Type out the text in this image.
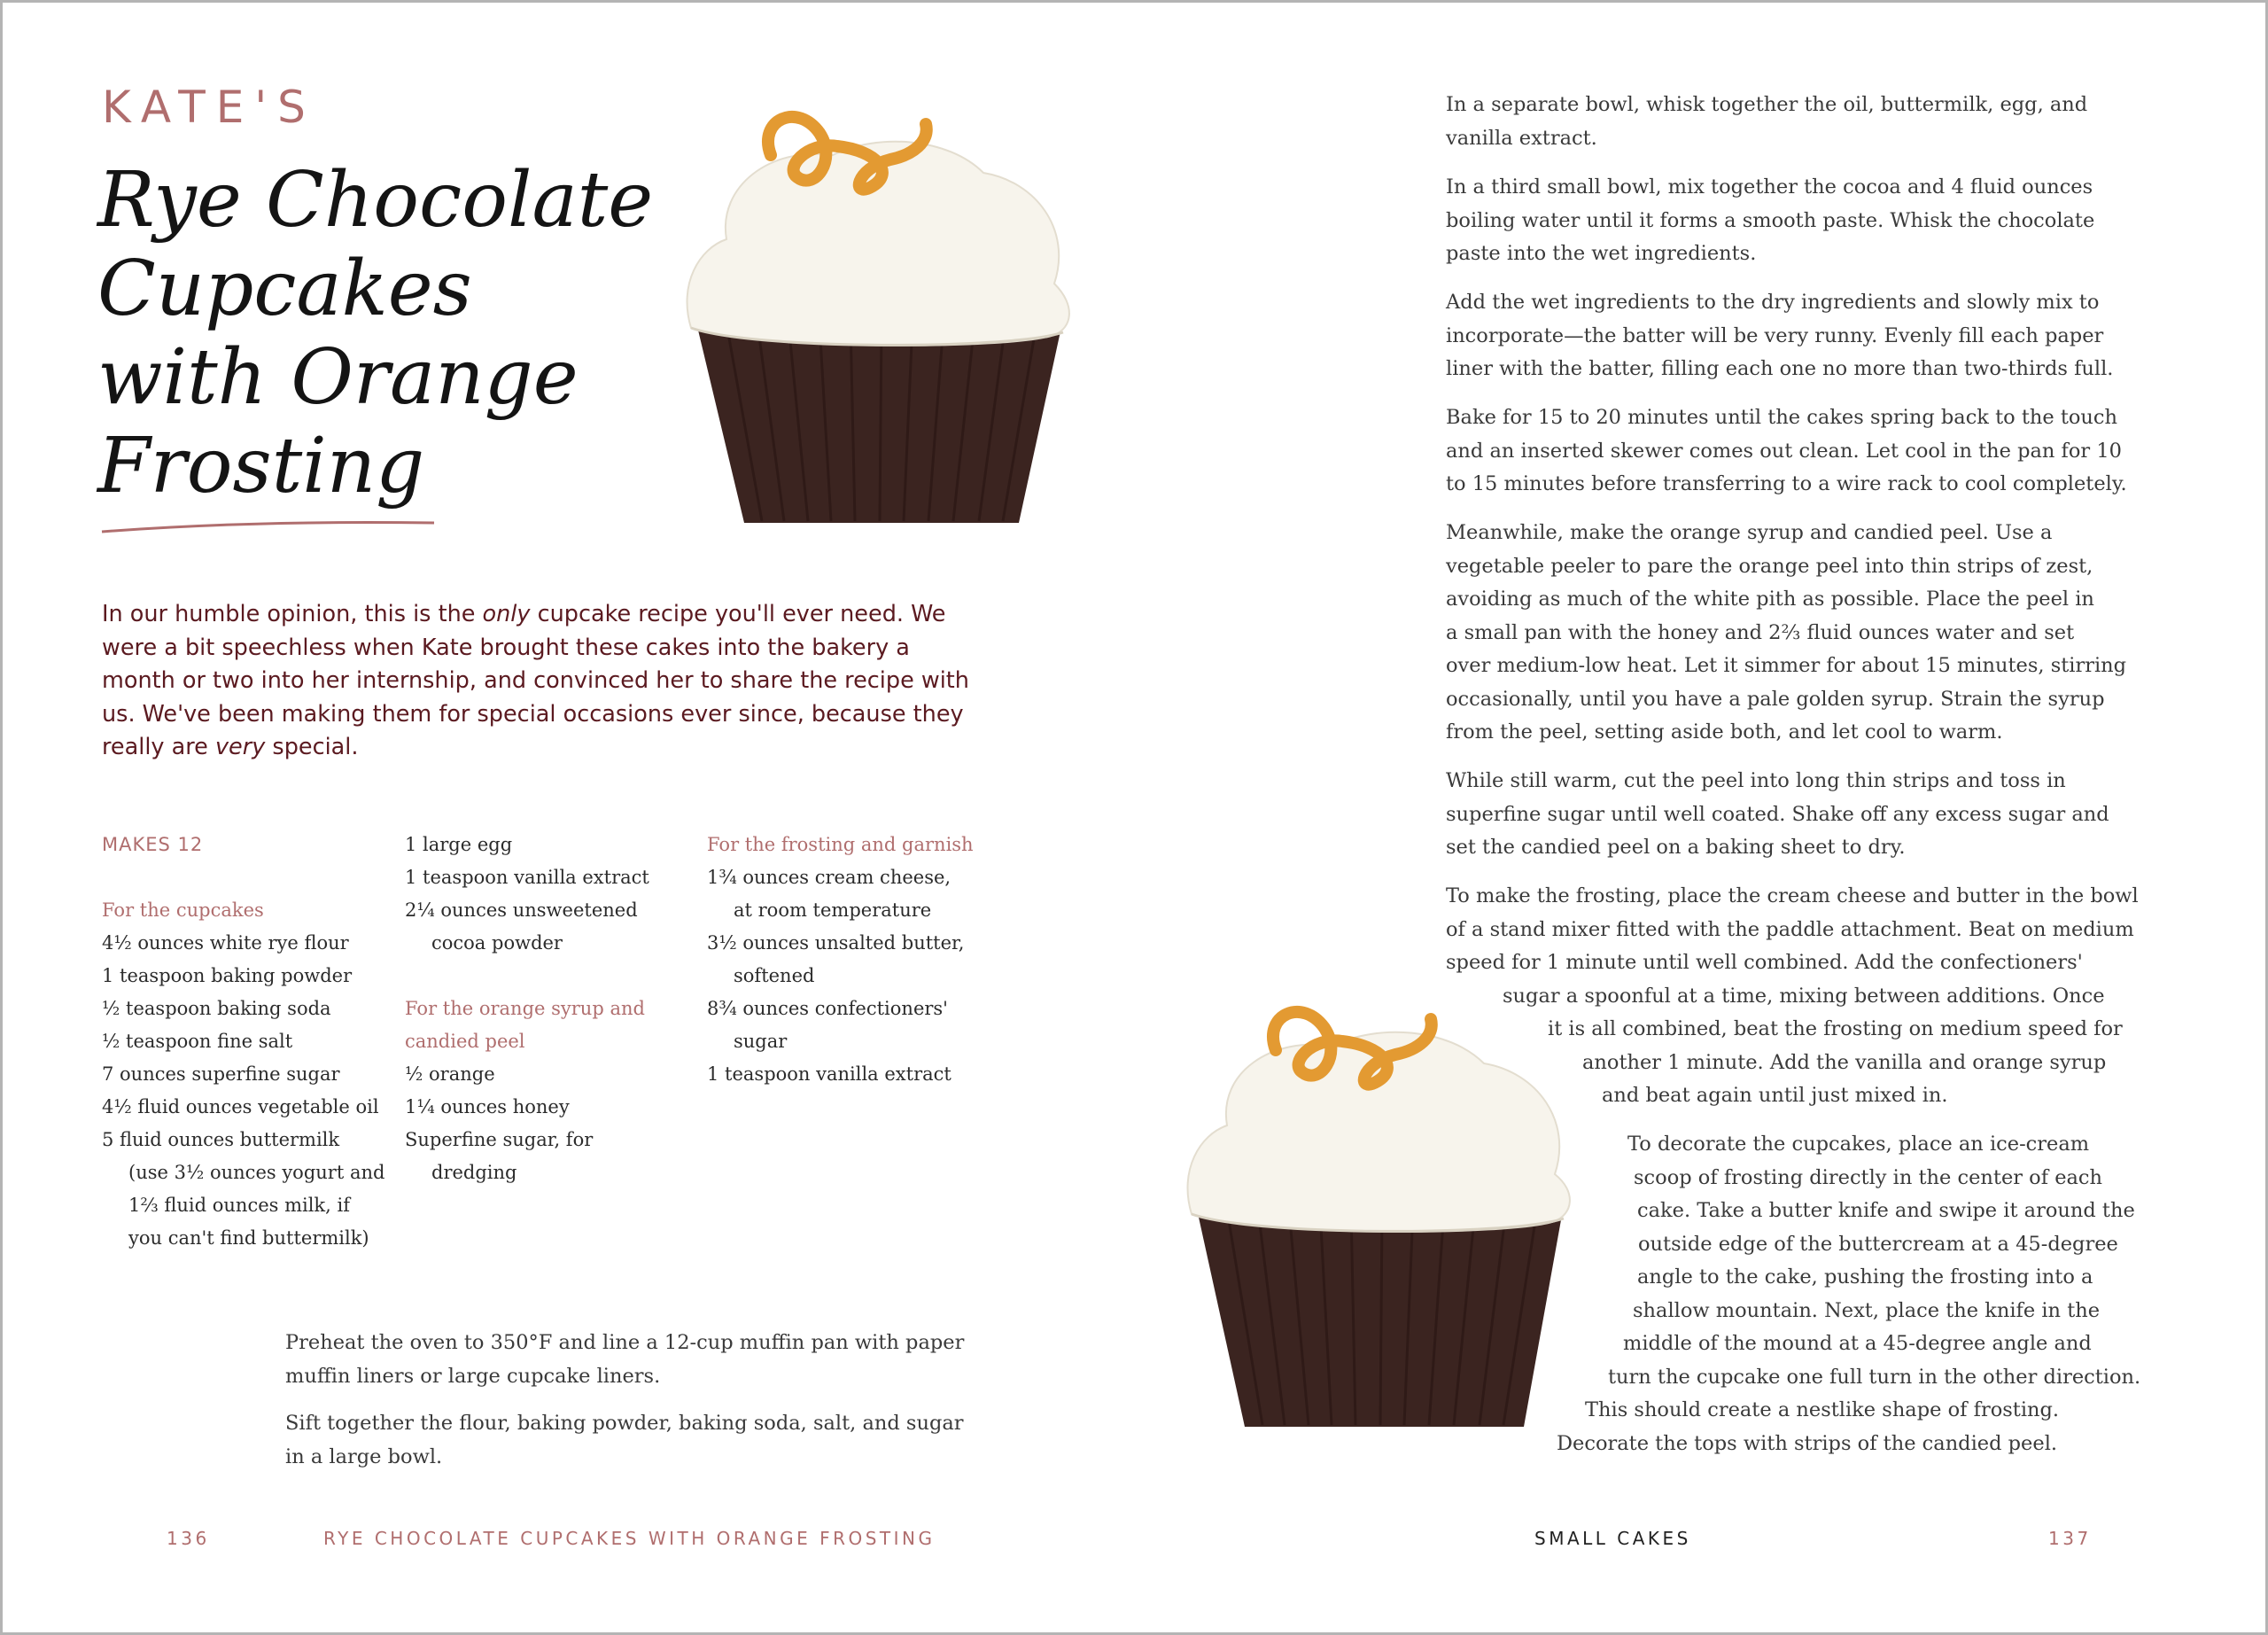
KATE'S
Rye Chocolate
Cupcakes
with Orange
Frosting
In our humble opinion, this is the only cupcake recipe you'll ever need. We were a bit speechless when Kate brought these cakes into the bakery a month or two into her internship, and convinced her to share the recipe with us. We've been making them for special occasions ever since, because they really are very special.
MAKES 12
For the cupcakes
4½ ounces white rye flour
1 teaspoon baking powder
½ teaspoon baking soda
½ teaspoon fine salt
7 ounces superfine sugar
4½ fluid ounces vegetable oil
5 fluid ounces buttermilk
(use 3½ ounces yogurt and
1⅔ fluid ounces milk, if
you can't find buttermilk)
1 large egg
1 teaspoon vanilla extract
2¼ ounces unsweetened
cocoa powder
For the orange syrup and
candied peel
½ orange
1¼ ounces honey
Superfine sugar, for
dredging
For the frosting and garnish
1¾ ounces cream cheese,
at room temperature
3½ ounces unsalted butter,
softened
8¾ ounces confectioners'
sugar
1 teaspoon vanilla extract
Preheat the oven to 350°F and line a 12-cup muffin pan with paper
muffin liners or large cupcake liners.
Sift together the flour, baking powder, baking soda, salt, and sugar
in a large bowl.
136	RYE CHOCOLATE CUPCAKES WITH ORANGE FROSTING
In a separate bowl, whisk together the oil, buttermilk, egg, and
vanilla extract.
In a third small bowl, mix together the cocoa and 4 fluid ounces
boiling water until it forms a smooth paste. Whisk the chocolate
paste into the wet ingredients.
Add the wet ingredients to the dry ingredients and slowly mix to
incorporate—the batter will be very runny. Evenly fill each paper
liner with the batter, filling each one no more than two-thirds full.
Bake for 15 to 20 minutes until the cakes spring back to the touch
and an inserted skewer comes out clean. Let cool in the pan for 10
to 15 minutes before transferring to a wire rack to cool completely.
Meanwhile, make the orange syrup and candied peel. Use a
vegetable peeler to pare the orange peel into thin strips of zest,
avoiding as much of the white pith as possible. Place the peel in
a small pan with the honey and 2⅔ fluid ounces water and set
over medium-low heat. Let it simmer for about 15 minutes, stirring
occasionally, until you have a pale golden syrup. Strain the syrup
from the peel, setting aside both, and let cool to warm.
While still warm, cut the peel into long thin strips and toss in
superfine sugar until well coated. Shake off any excess sugar and
set the candied peel on a baking sheet to dry.
To make the frosting, place the cream cheese and butter in the bowl
of a stand mixer fitted with the paddle attachment. Beat on medium
speed for 1 minute until well combined. Add the confectioners'
sugar a spoonful at a time, mixing between additions. Once
it is all combined, beat the frosting on medium speed for
another 1 minute. Add the vanilla and orange syrup
and beat again until just mixed in.
To decorate the cupcakes, place an ice-cream
scoop of frosting directly in the center of each
cake. Take a butter knife and swipe it around the
outside edge of the buttercream at a 45-degree
angle to the cake, pushing the frosting into a
shallow mountain. Next, place the knife in the
middle of the mound at a 45-degree angle and
turn the cupcake one full turn in the other direction.
This should create a nestlike shape of frosting.
Decorate the tops with strips of the candied peel.
SMALL CAKES	137
